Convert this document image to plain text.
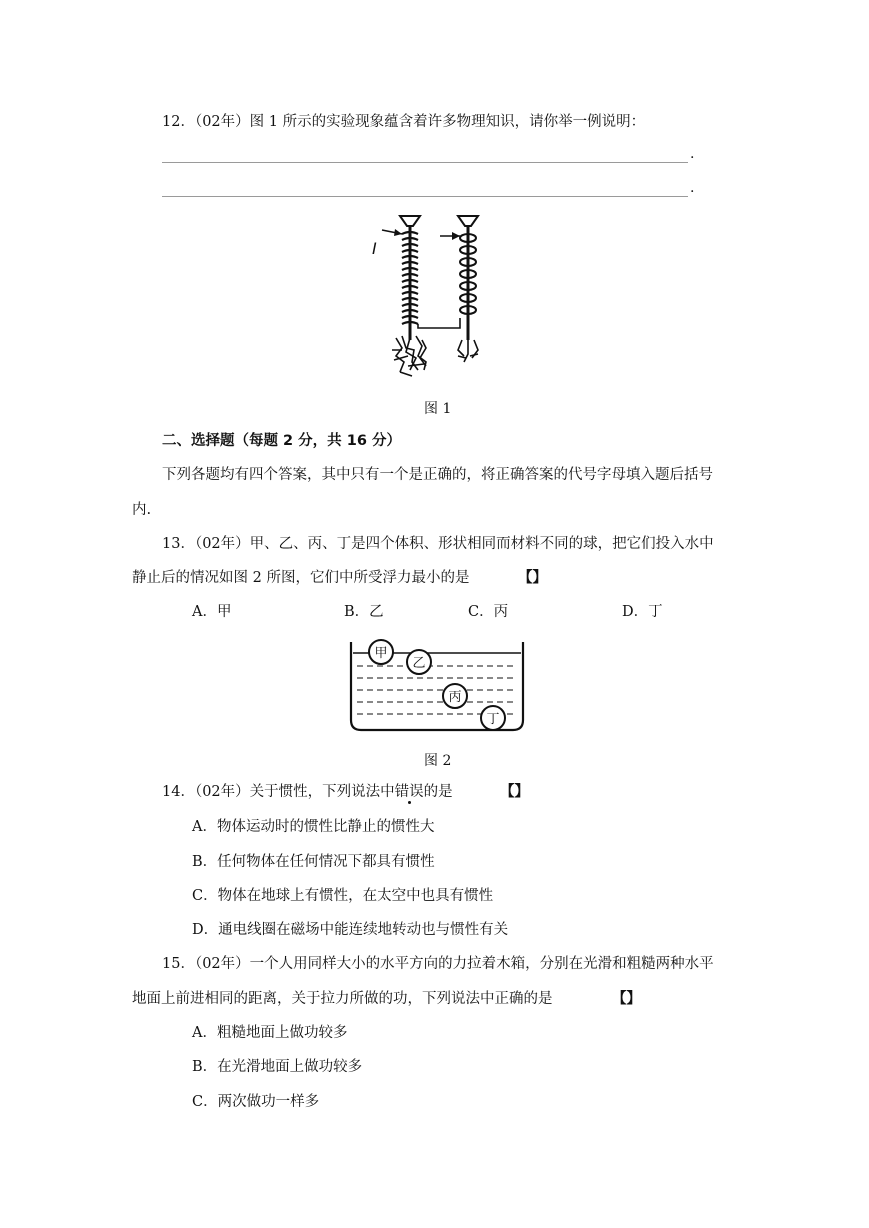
12．（02年）图 1 所示的实验现象蕴含着许多物理知识，请你举一例说明：
.
.
I
图 1
二、选择题（每题 2 分，共 16 分）
下列各题均有四个答案，其中只有一个是正确的，将正确答案的代号字母填入题后括号
内.
13．（02年）甲、乙、丙、丁是四个体积、形状相同而材料不同的球，把它们投入水中
静止后的情况如图 2 所图，它们中所受浮力最小的是	【】
A．甲	B．乙	C．丙	D．丁
甲
乙
丙
丁
图 2
14．（02年）关于惯性，下列说法中错误的是	【】
A．物体运动时的惯性比静止的惯性大
B．任何物体在任何情况下都具有惯性
C．物体在地球上有惯性，在太空中也具有惯性
D．通电线圈在磁场中能连续地转动也与惯性有关
15．（02年）一个人用同样大小的水平方向的力拉着木箱，分别在光滑和粗糙两种水平
地面上前进相同的距离，关于拉力所做的功，下列说法中正确的是	【】
A．粗糙地面上做功较多
B．在光滑地面上做功较多
C．两次做功一样多
